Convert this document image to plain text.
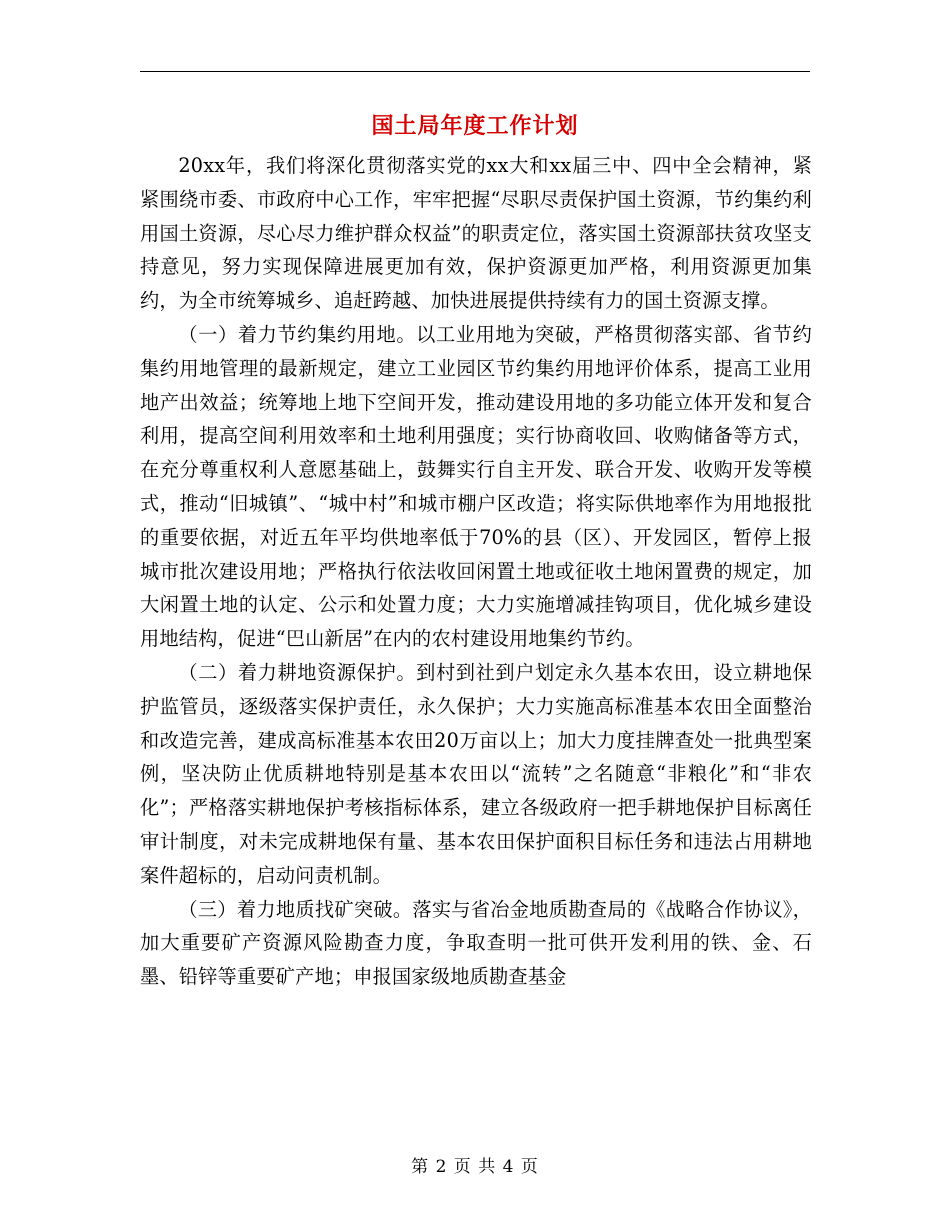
国土局年度工作计划

20xx年，我们将深化贯彻落实党的xx大和xx届三中、四中全会精神，紧紧围绕市委、市政府中心工作，牢牢把握“尽职尽责保护国土资源，节约集约利用国土资源，尽心尽力维护群众权益”的职责定位，落实国土资源部扶贫攻坚支持意见，努力实现保障进展更加有效，保护资源更加严格，利用资源更加集约，为全市统筹城乡、追赶跨越、加快进展提供持续有力的国土资源支撑。

（一）着力节约集约用地。以工业用地为突破，严格贯彻落实部、省节约集约用地管理的最新规定，建立工业园区节约集约用地评价体系，提高工业用地产出效益；统筹地上地下空间开发，推动建设用地的多功能立体开发和复合利用，提高空间利用效率和土地利用强度；实行协商收回、收购储备等方式，在充分尊重权利人意愿基础上，鼓舞实行自主开发、联合开发、收购开发等模式，推动“旧城镇”、“城中村”和城市棚户区改造；将实际供地率作为用地报批的重要依据，对近五年平均供地率低于70%的县（区）、开发园区，暂停上报城市批次建设用地；严格执行依法收回闲置土地或征收土地闲置费的规定，加大闲置土地的认定、公示和处置力度；大力实施增减挂钩项目，优化城乡建设用地结构，促进“巴山新居”在内的农村建设用地集约节约。

（二）着力耕地资源保护。到村到社到户划定永久基本农田，设立耕地保护监管员，逐级落实保护责任，永久保护；大力实施高标准基本农田全面整治和改造完善，建成高标准基本农田20万亩以上；加大力度挂牌查处一批典型案例，坚决防止优质耕地特别是基本农田以“流转”之名随意“非粮化”和“非农化”；严格落实耕地保护考核指标体系，建立各级政府一把手耕地保护目标离任审计制度，对未完成耕地保有量、基本农田保护面积目标任务和违法占用耕地案件超标的，启动问责机制。

（三）着力地质找矿突破。落实与省冶金地质勘查局的《战略合作协议》，加大重要矿产资源风险勘查力度，争取查明一批可供开发利用的铁、金、石墨、铅锌等重要矿产地；申报国家级地质勘查基金

第 2 页 共 4 页
